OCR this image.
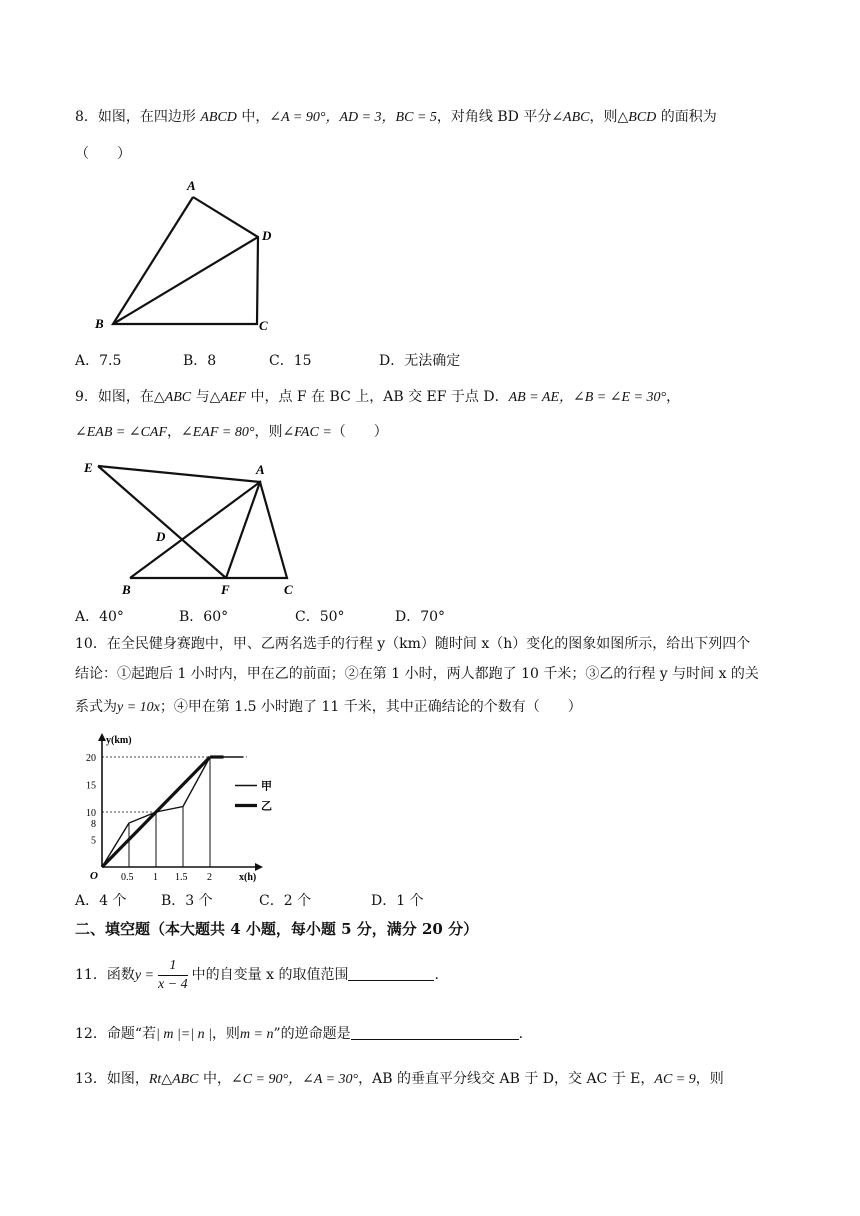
8．如图，在四边形 ABCD 中，∠A = 90°，AD = 3，BC = 5，对角线 BD 平分∠ABC，则△BCD 的面积为
（　　）
A
D
B	C
A．7.5	B．8	C．15	D．无法确定
9．如图，在△ABC 与△AEF 中，点 F 在 BC 上，AB 交 EF 于点 D．AB = AE，∠B = ∠E = 30°，
∠EAB = ∠CAF，∠EAF = 80°，则∠FAC =（　　）
E	A
D
B	F	C
A．40°	B．60°	C．50°	D．70°
10．在全民健身赛跑中，甲、乙两名选手的行程 y（km）随时间 x（h）变化的图象如图所示，给出下列四个
结论：①起跑后 1 小时内，甲在乙的前面；②在第 1 小时，两人都跑了 10 千米；③乙的行程 y 与时间 x 的关
系式为y = 10x；④甲在第 1.5 小时跑了 11 千米，其中正确结论的个数有（　　）
y(km)
x(h)
O 0.5 1 1.5 2
5
8
10
15
20
甲
乙
A．4 个 B．3 个	C．2 个	D．1 个
二、填空题（本大题共 4 小题，每小题 5 分，满分 20 分）
11．函数$y = \frac{1}{x - 4}$ 中的自变量 x 的取值范围	.
12．命题“若| m |=| n |，则m = n”的逆命题是	.
13．如图，Rt△ABC 中，∠C = 90°，∠A = 30°，AB 的垂直平分线交 AB 于 D，交 AC 于 E，AC = 9，则
